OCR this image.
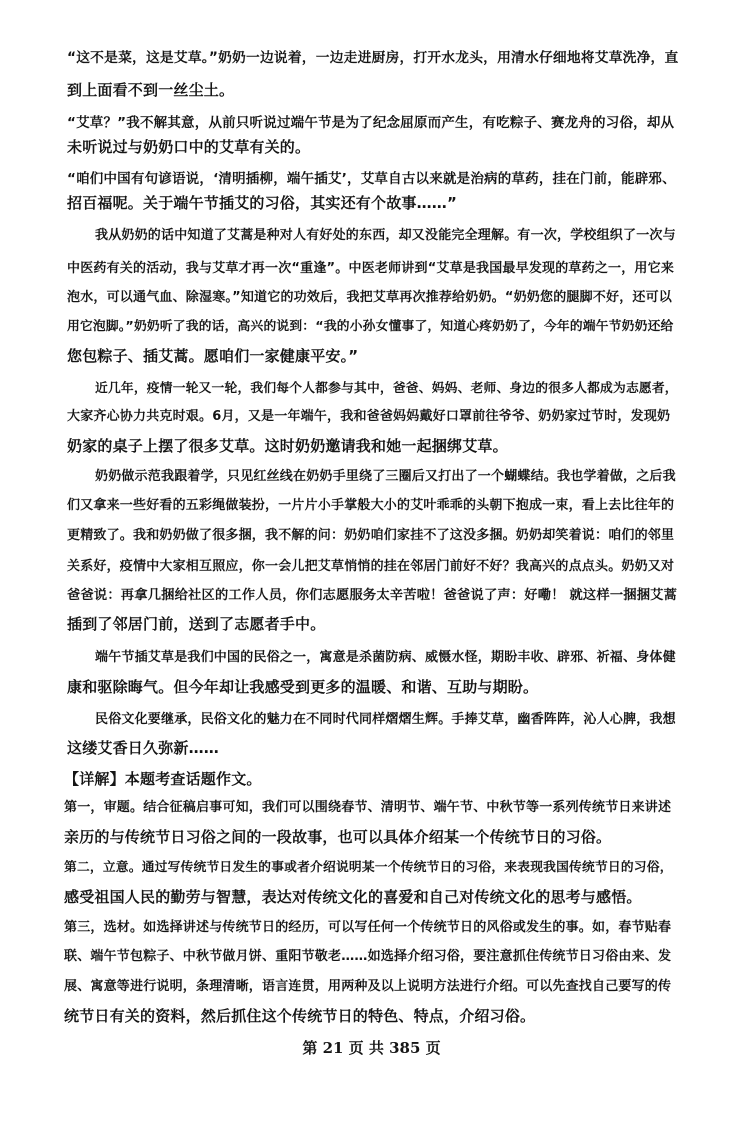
“这不是菜，这是艾草。”奶奶一边说着，一边走进厨房，打开水龙头，用清水仔细地将艾草洗净，直
到上面看不到一丝尘土。
“艾草？”我不解其意，从前只听说过端午节是为了纪念屈原而产生，有吃粽子、赛龙舟的习俗，却从
未听说过与奶奶口中的艾草有关的。
“咱们中国有句谚语说，‘清明插柳，端午插艾’，艾草自古以来就是治病的草药，挂在门前，能辟邪、
招百福呢。关于端午节插艾的习俗，其实还有个故事……”
我从奶奶的话中知道了艾蒿是种对人有好处的东西，却又没能完全理解。有一次，学校组织了一次与
中医药有关的活动，我与艾草才再一次“重逢”。中医老师讲到“艾草是我国最早发现的草药之一，用它来
泡水，可以通气血、除湿寒。”知道它的功效后，我把艾草再次推荐给奶奶。“奶奶您的腿脚不好，还可以
用它泡脚。”奶奶听了我的话，高兴的说到：“我的小孙女懂事了，知道心疼奶奶了，今年的端午节奶奶还给
您包粽子、插艾蒿。愿咱们一家健康平安。”
近几年，疫情一轮又一轮，我们每个人都参与其中，爸爸、妈妈、老师、身边的很多人都成为志愿者，
大家齐心协力共克时艰。6月，又是一年端午，我和爸爸妈妈戴好口罩前往爷爷、奶奶家过节时，发现奶
奶家的桌子上摆了很多艾草。这时奶奶邀请我和她一起捆绑艾草。
奶奶做示范我跟着学，只见红丝线在奶奶手里绕了三圈后又打出了一个蝴蝶结。我也学着做，之后我
们又拿来一些好看的五彩绳做装扮，一片片小手掌般大小的艾叶乖乖的头朝下抱成一束，看上去比往年的
更精致了。我和奶奶做了很多捆，我不解的问：奶奶咱们家挂不了这没多捆。奶奶却笑着说：咱们的邻里
关系好，疫情中大家相互照应，你一会儿把艾草悄悄的挂在邻居门前好不好？我高兴的点点头。奶奶又对
爸爸说：再拿几捆给社区的工作人员，你们志愿服务太辛苦啦！爸爸说了声：好嘞！ 就这样一捆捆艾蒿
插到了邻居门前，送到了志愿者手中。
端午节插艾草是我们中国的民俗之一，寓意是杀菌防病、威慑水怪，期盼丰收、辟邪、祈福、身体健
康和驱除晦气。但今年却让我感受到更多的温暖、和谐、互助与期盼。
民俗文化要继承，民俗文化的魅力在不同时代同样熠熠生辉。手捧艾草，幽香阵阵，沁人心脾，我想
这缕艾香日久弥新……
【详解】本题考查话题作文。
第一，审题。结合征稿启事可知，我们可以围绕春节、清明节、端午节、中秋节等一系列传统节日来讲述
亲历的与传统节日习俗之间的一段故事，也可以具体介绍某一个传统节日的习俗。
第二，立意。通过写传统节日发生的事或者介绍说明某一个传统节日的习俗，来表现我国传统节日的习俗，
感受祖国人民的勤劳与智慧，表达对传统文化的喜爱和自己对传统文化的思考与感悟。
第三，选材。如选择讲述与传统节日的经历，可以写任何一个传统节日的风俗或发生的事。如，春节贴春
联、端午节包粽子、中秋节做月饼、重阳节敬老……如选择介绍习俗，要注意抓住传统节日习俗由来、发
展、寓意等进行说明，条理清晰，语言连贯，用两种及以上说明方法进行介绍。可以先查找自己要写的传
统节日有关的资料，然后抓住这个传统节日的特色、特点，介绍习俗。
第 21 页 共 385 页
